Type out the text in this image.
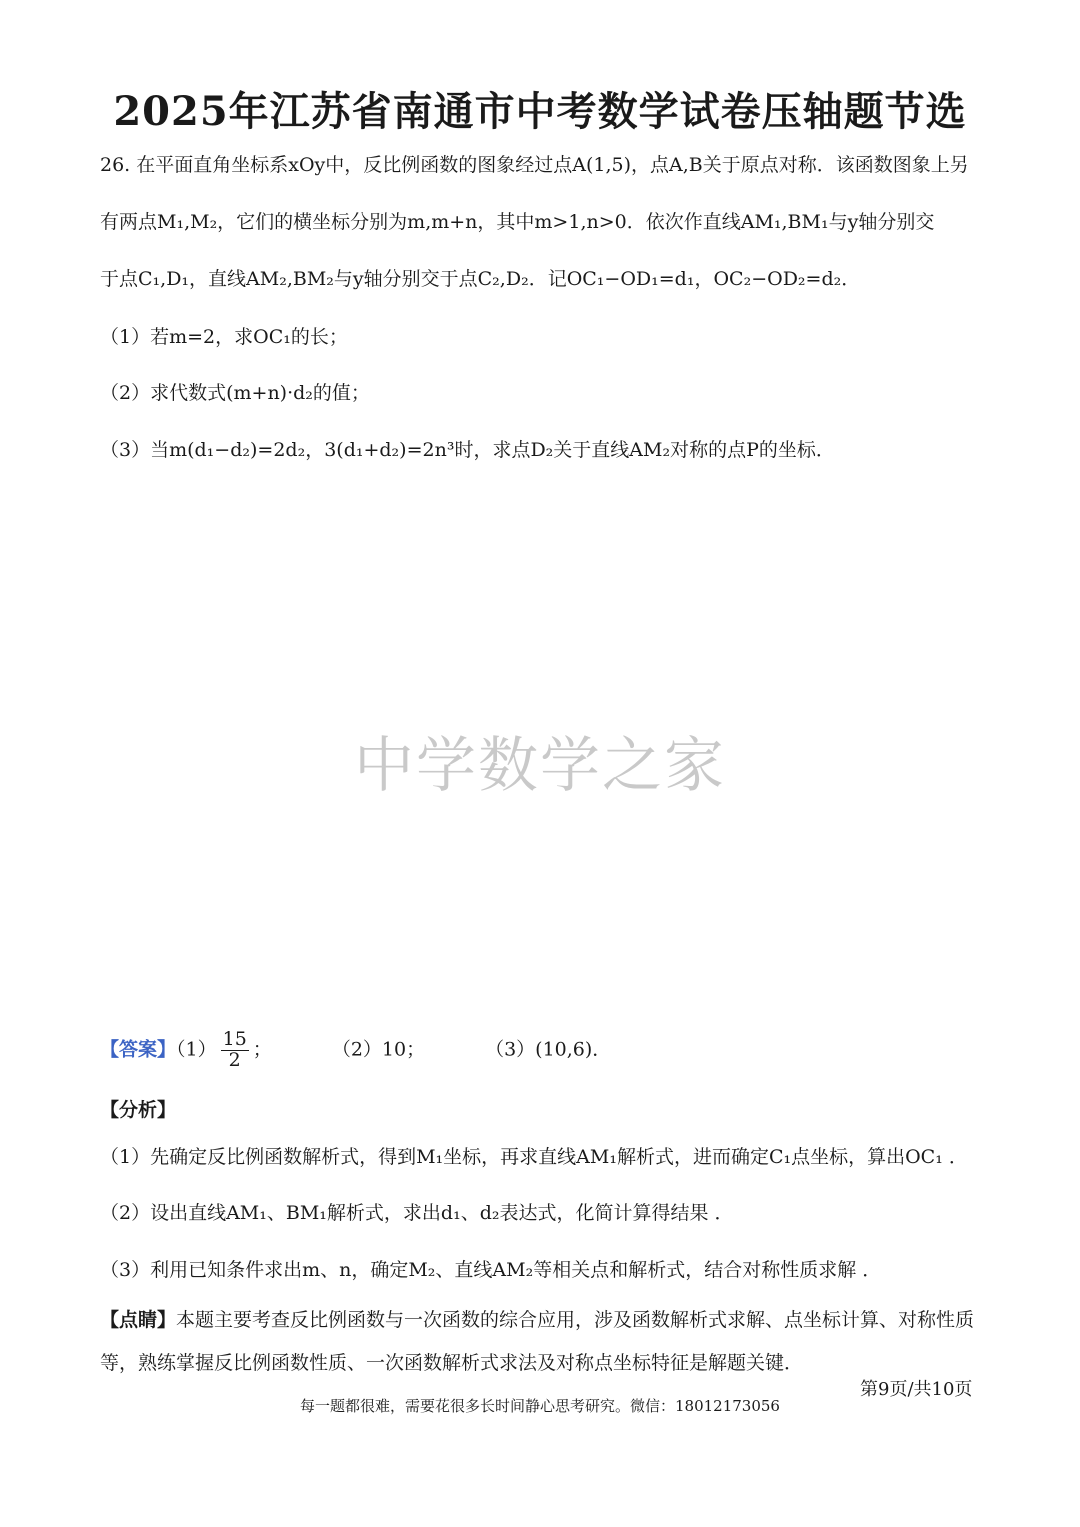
2025年江苏省南通市中考数学试卷压轴题节选
26. 在平面直角坐标系xOy中，反比例函数的图象经过点A(1,5)，点A,B关于原点对称．该函数图象上另
有两点M₁,M₂，它们的横坐标分别为m,m+n，其中m>1,n>0．依次作直线AM₁,BM₁与y轴分别交
于点C₁,D₁，直线AM₂,BM₂与y轴分别交于点C₂,D₂．记OC₁−OD₁=d₁，OC₂−OD₂=d₂．
（1）若m=2，求OC₁的长；
（2）求代数式(m+n)·d₂的值；
（3）当m(d₁−d₂)=2d₂，3(d₁+d₂)=2n³时，求点D₂关于直线AM₂对称的点P的坐标．
中学数学之家
【答案】$(1) \frac{15}{2}$ ；	（2）10；	（3）(10,6)．
【分析】
（1）先确定反比例函数解析式，得到M₁坐标，再求直线AM₁解析式，进而确定C₁点坐标，算出OC₁ ．
（2）设出直线AM₁、BM₁解析式，求出d₁、d₂表达式，化简计算得结果 ．
（3）利用已知条件求出m、n，确定M₂、直线AM₂等相关点和解析式，结合对称性质求解 ．
【点睛】本题主要考查反比例函数与一次函数的综合应用，涉及函数解析式求解、点坐标计算、对称性质
等，熟练掌握反比例函数性质、一次函数解析式求法及对称点坐标特征是解题关键．
第9页/共10页
每一题都很难，需要花很多长时间静心思考研究。微信：18012173056
